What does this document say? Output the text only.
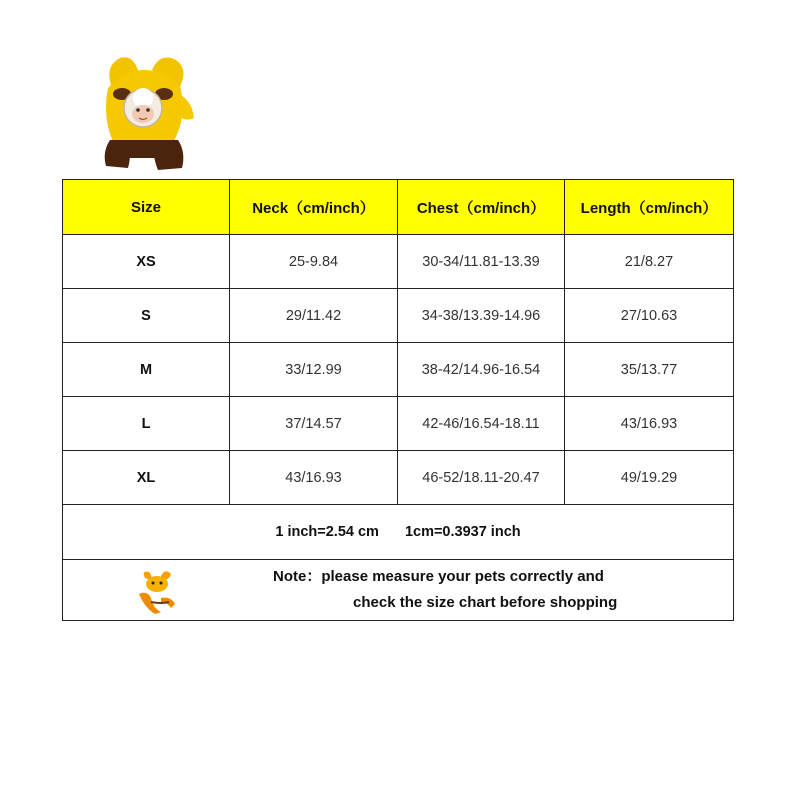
Size	Neck（cm/inch）	Chest（cm/inch）	Length（cm/inch）
XS	25-9.84	30-34/11.81-13.39	21/8.27
S	29/11.42	34-38/13.39-14.96	27/10.63
M	33/12.99	38-42/14.96-16.54	35/13.77
L	37/14.57	42-46/16.54-18.11	43/16.93
XL	43/16.93	46-52/18.11-20.47	49/19.29
1 inch=2.54 cm 1cm=0.3937 inch			

Note：please measure your pets correctly and
check the size chart before shopping			
